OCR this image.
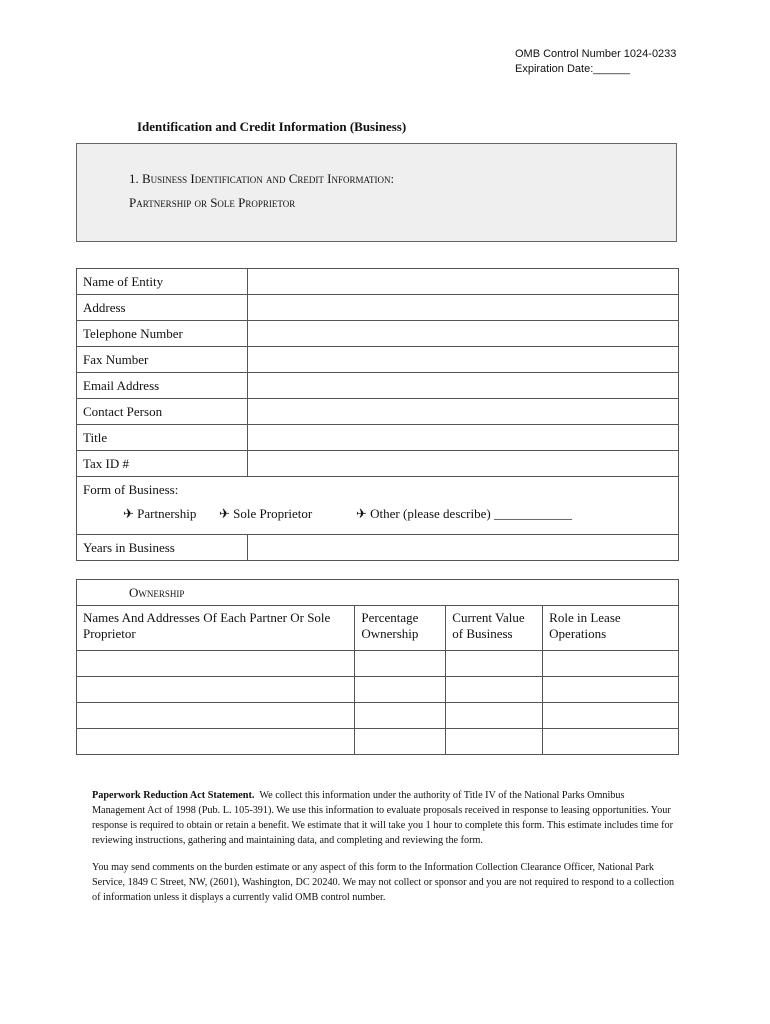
OMB Control Number 1024-0233
Expiration Date:______
Identification and Credit Information (Business)
1. Business Identification and Credit Information:
Partnership or Sole Proprietor
Name of Entity	
Address	
Telephone Number	
Fax Number	
Email Address	
Contact Person	
Title	
Tax ID #	

Form of Business:
✈ Partnership ✈ Sole Proprietor ✈ Other (please describe) ____________	

Years in Business	
Ownership			
Names And Addresses Of Each Partner Or Sole Proprietor	Percentage Ownership	Current Value of Business	Role in Lease Operations

Paperwork Reduction Act Statement. We collect this information under the authority of Title IV of the National Parks Omnibus Management Act of 1998 (Pub. L. 105-391). We use this information to evaluate proposals received in response to leasing opportunities. Your response is required to obtain or retain a benefit. We estimate that it will take you 1 hour to complete this form. This estimate includes time for reviewing instructions, gathering and maintaining data, and completing and reviewing the form.

You may send comments on the burden estimate or any aspect of this form to the Information Collection Clearance Officer, National Park Service, 1849 C Street, NW, (2601), Washington, DC 20240. We may not collect or sponsor and you are not required to respond to a collection of information unless it displays a currently valid OMB control number.
